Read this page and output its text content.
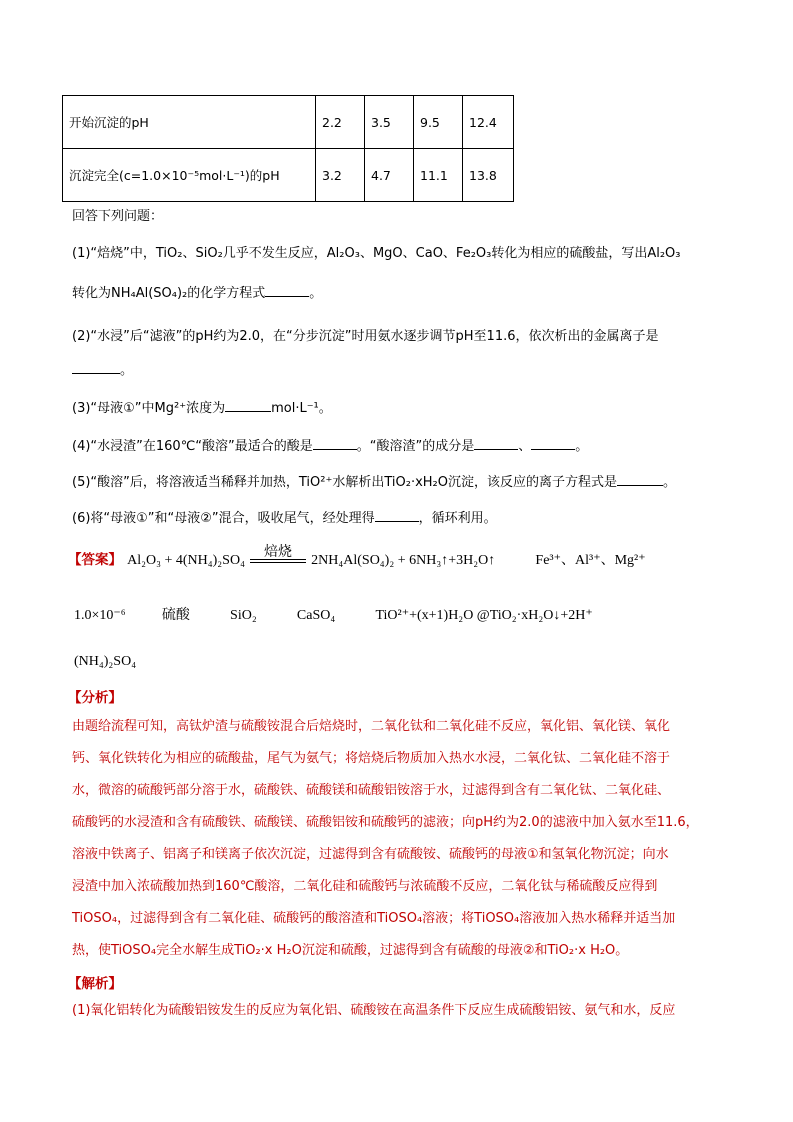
开始沉淀的pH	2.2	3.5	9.5	12.4
沉淀完全(c=1.0×10⁻⁵mol·L⁻¹)的pH	3.2	4.7	11.1	13.8
回答下列问题：
(1)“焙烧”中，TiO₂、SiO₂几乎不发生反应，Al₂O₃、MgO、CaO、Fe₂O₃转化为相应的硫酸盐，写出Al₂O₃
转化为NH₄Al(SO₄)₂的化学方程式	。
(2)“水浸”后“滤液”的pH约为2.0，在“分步沉淀”时用氨水逐步调节pH至11.6，依次析出的金属离子是
。
(3)“母液①”中Mg²⁺浓度为	mol·L⁻¹。
(4)“水浸渣”在160℃“酸溶”最适合的酸是	。“酸溶渣”的成分是	、	。
(5)“酸溶”后，将溶液适当稀释并加热，TiO²⁺水解析出TiO₂·xH₂O沉淀，该反应的离子方程式是	。
(6)将“母液①”和“母液②”混合，吸收尾气，经处理得	，循环利用。
【答案】 Al₂O₃ + 4(NH₄)₂SO₄
焙烧
2NH₄Al(SO₄)₂ + 6NH₃↑+3H₂O↑	Fe³⁺、Al³⁺、Mg²⁺
1.0×10⁻⁶	硫酸	SiO₂	CaSO₄	TiO²⁺+(x+1)H₂O @TiO₂·xH₂O↓+2H⁺
(NH₄)₂SO₄
【分析】
由题给流程可知，高钛炉渣与硫酸铵混合后焙烧时，二氧化钛和二氧化硅不反应，氧化铝、氧化镁、氧化
钙、氧化铁转化为相应的硫酸盐，尾气为氨气；将焙烧后物质加入热水水浸，二氧化钛、二氧化硅不溶于
水，微溶的硫酸钙部分溶于水，硫酸铁、硫酸镁和硫酸铝铵溶于水，过滤得到含有二氧化钛、二氧化硅、
硫酸钙的水浸渣和含有硫酸铁、硫酸镁、硫酸铝铵和硫酸钙的滤液；向pH约为2.0的滤液中加入氨水至11.6，
溶液中铁离子、铝离子和镁离子依次沉淀，过滤得到含有硫酸铵、硫酸钙的母液①和氢氧化物沉淀；向水
浸渣中加入浓硫酸加热到160℃酸溶，二氧化硅和硫酸钙与浓硫酸不反应，二氧化钛与稀硫酸反应得到
TiOSO₄，过滤得到含有二氧化硅、硫酸钙的酸溶渣和TiOSO₄溶液；将TiOSO₄溶液加入热水稀释并适当加
热，使TiOSO₄完全水解生成TiO₂·x H₂O沉淀和硫酸，过滤得到含有硫酸的母液②和TiO₂·x H₂O。
【解析】
(1)氧化铝转化为硫酸铝铵发生的反应为氧化铝、硫酸铵在高温条件下反应生成硫酸铝铵、氨气和水，反应
